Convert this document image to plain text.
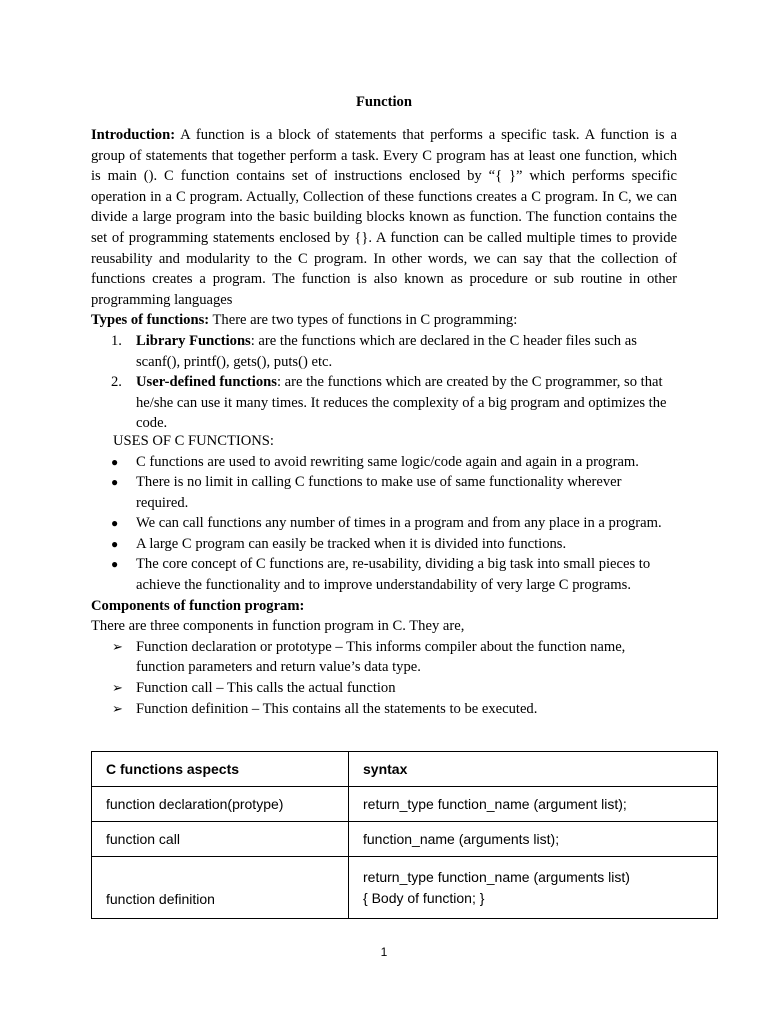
Function

Introduction: A function is a block of statements that performs a specific task. A function is a group of statements that together perform a task. Every C program has at least one function, which is main (). C function contains set of instructions enclosed by “{ }” which performs specific operation in a C program. Actually, Collection of these functions creates a C program. In C, we can divide a large program into the basic building blocks known as function. The function contains the set of programming statements enclosed by {}. A function can be called multiple times to provide reusability and modularity to the C program. In other words, we can say that the collection of functions creates a program. The function is also known as procedure or sub routine in other programming languages

Types of functions: There are two types of functions in C programming:

1. Library Functions: are the functions which are declared in the C header files such as scanf(), printf(), gets(), puts() etc.
2. User-defined functions: are the functions which are created by the C programmer, so that he/she can use it many times. It reduces the complexity of a big program and optimizes the code.

USES OF C FUNCTIONS:

● C functions are used to avoid rewriting same logic/code again and again in a program.
● There is no limit in calling C functions to make use of same functionality wherever required.
● We can call functions any number of times in a program and from any place in a program.
● A large C program can easily be tracked when it is divided into functions.
● The core concept of C functions are, re-usability, dividing a big task into small pieces to achieve the functionality and to improve understandability of very large C programs.

Components of function program:

There are three components in function program in C. They are,

➢ Function declaration or prototype – This informs compiler about the function name, function parameters and return value’s data type.
➢ Function call – This calls the actual function
➢ Function definition – This contains all the statements to be executed.
C functions aspects	syntax
function declaration(protype)	return_type function_name (argument list);
function call	function_name (arguments list);
function definition	return_type function_name (arguments list)
{ Body of function; }
1
